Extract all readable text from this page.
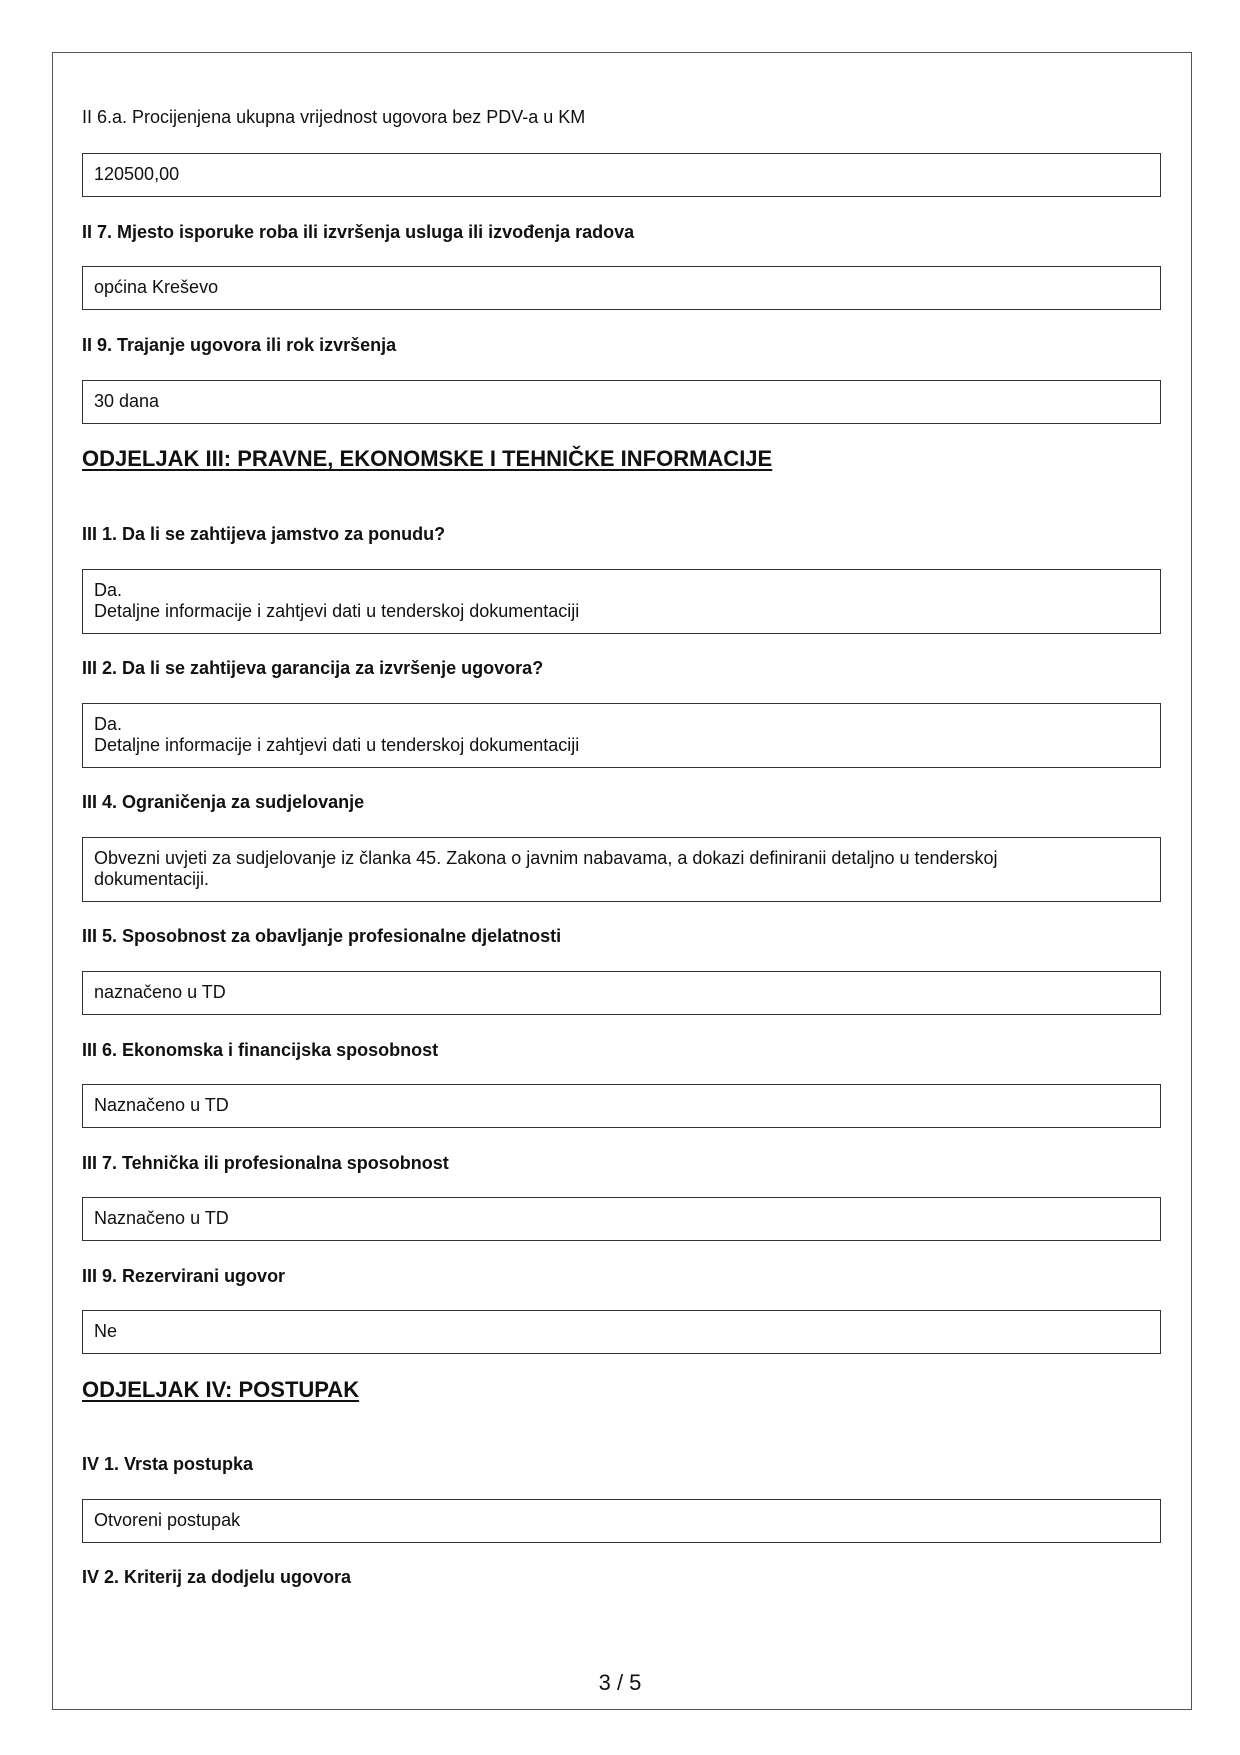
II 6.a. Procijenjena ukupna vrijednost ugovora bez PDV-a u KM
120500,00
II 7. Mjesto isporuke roba ili izvršenja usluga ili izvođenja radova
općina Kreševo
II 9. Trajanje ugovora ili rok izvršenja
30 dana
ODJELJAK III: PRAVNE, EKONOMSKE I TEHNIČKE INFORMACIJE
III 1. Da li se zahtijeva jamstvo za ponudu?
Da.
Detaljne informacije i zahtjevi dati u tenderskoj dokumentaciji
III 2. Da li se zahtijeva garancija za izvršenje ugovora?
Da.
Detaljne informacije i zahtjevi dati u tenderskoj dokumentaciji
III 4. Ograničenja za sudjelovanje
Obvezni uvjeti za sudjelovanje iz članka 45. Zakona o javnim nabavama, a dokazi definiranii detaljno u tenderskoj
dokumentaciji.
III 5. Sposobnost za obavljanje profesionalne djelatnosti
naznačeno u TD
III 6. Ekonomska i financijska sposobnost
Naznačeno u TD
III 7. Tehnička ili profesionalna sposobnost
Naznačeno u TD
III 9. Rezervirani ugovor
Ne
ODJELJAK IV: POSTUPAK
IV 1. Vrsta postupka
Otvoreni postupak
IV 2. Kriterij za dodjelu ugovora
3 / 5
